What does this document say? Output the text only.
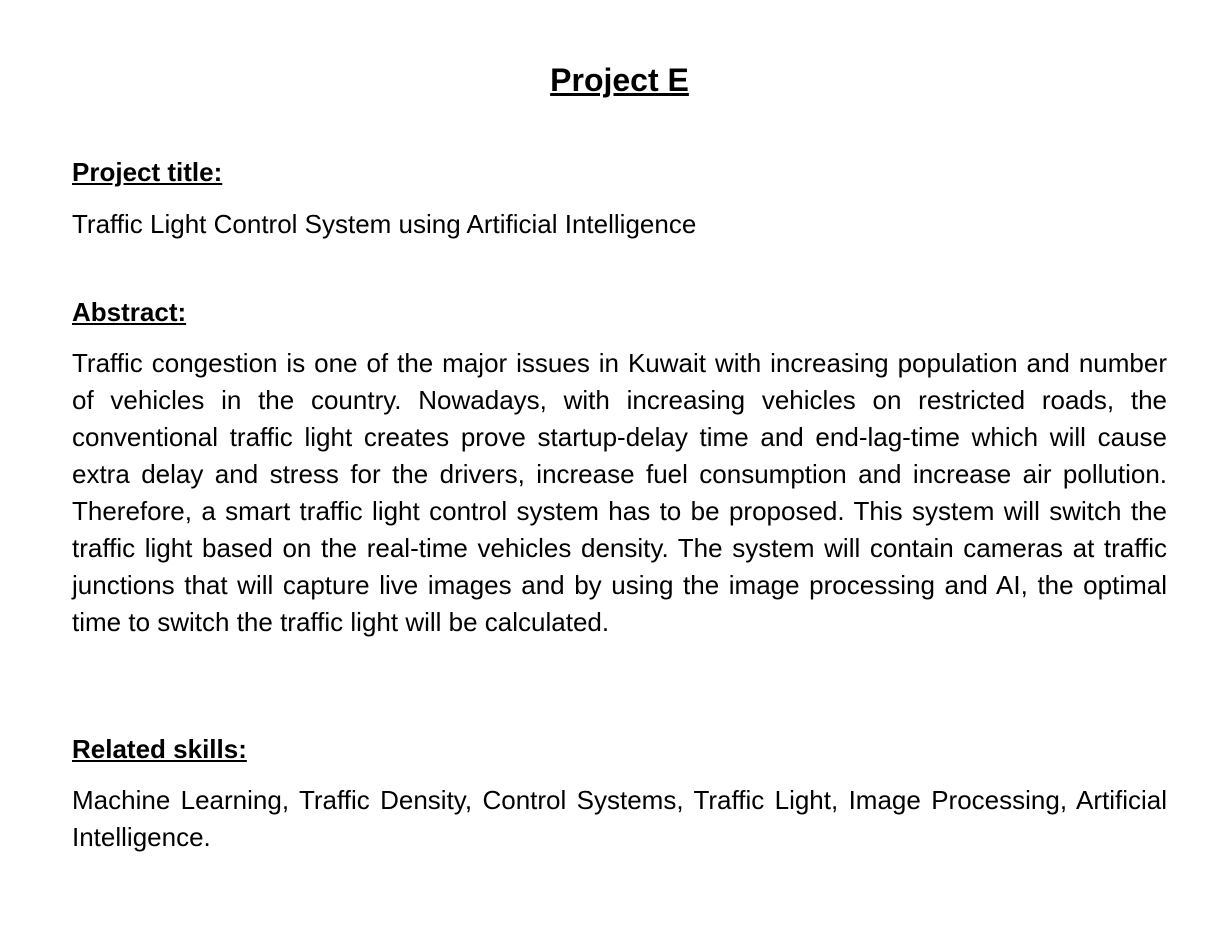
Project E
Project title:

Traffic Light Control System using Artificial Intelligence

Abstract:

Traffic congestion is one of the major issues in Kuwait with increasing population and number of vehicles in the country. Nowadays, with increasing vehicles on restricted roads, the conventional traffic light creates prove startup-delay time and end-lag-time which will cause extra delay and stress for the drivers, increase fuel consumption and increase air pollution. Therefore, a smart traffic light control system has to be proposed. This system will switch the traffic light based on the real-time vehicles density. The system will contain cameras at traffic junctions that will capture live images and by using the image processing and AI, the optimal time to switch the traffic light will be calculated.

Related skills:

Machine Learning, Traffic Density, Control Systems, Traffic Light, Image Processing, Artificial Intelligence.
